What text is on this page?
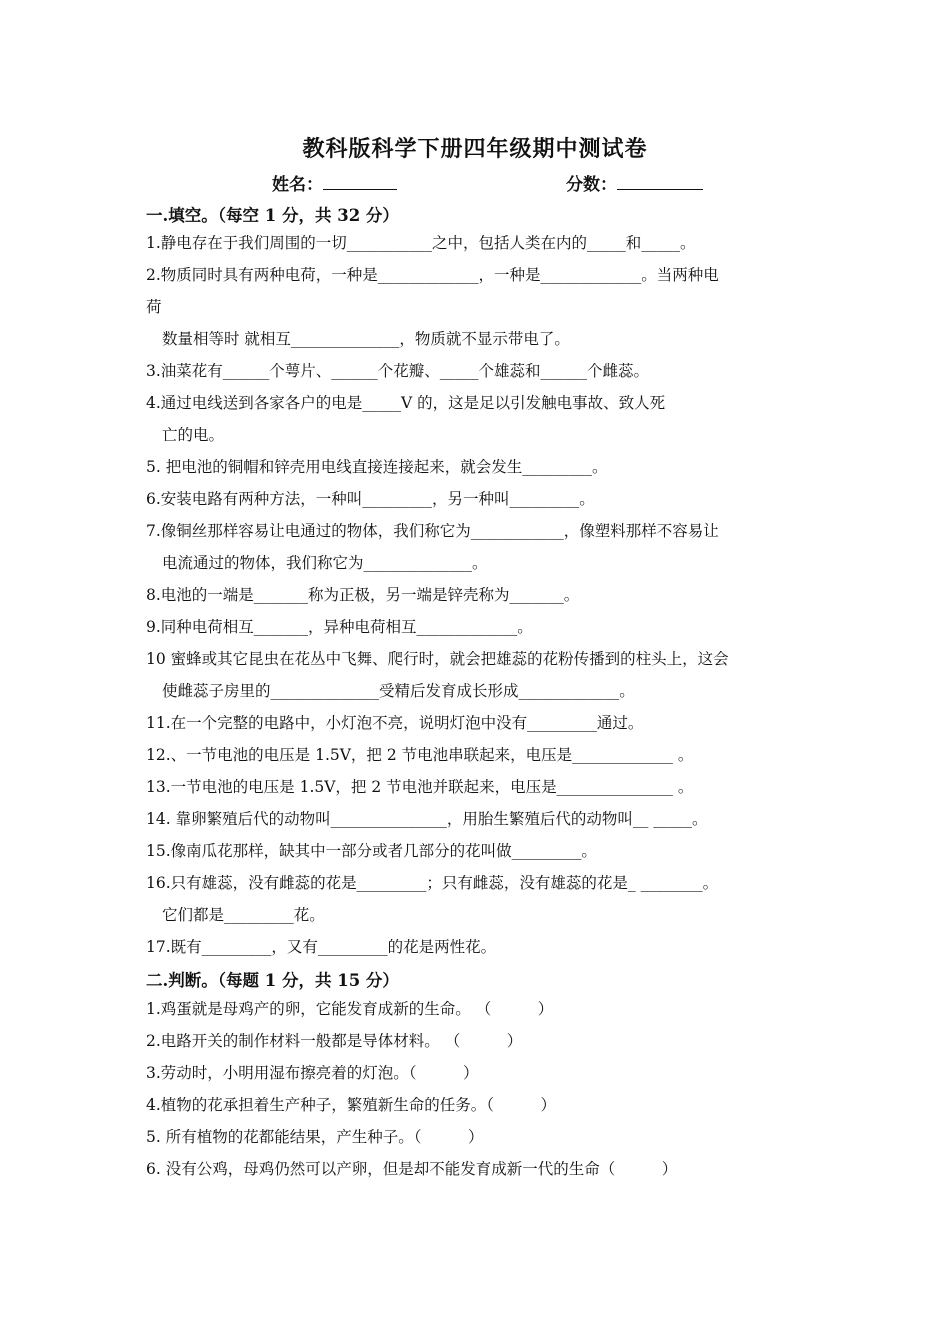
教科版科学下册四年级期中测试卷
姓名：	分数：
一.填空。（每空 1 分，共 32 分）
1.静电存在于我们周围的一切___________之中，包括人类在内的_____和_____。
2.物质同时具有两种电荷，一种是_____________，一种是_____________。当两种电
荷
数量相等时 就相互______________，物质就不显示带电了。
3.油菜花有______个萼片、______个花瓣、_____个雄蕊和______个雌蕊。
4.通过电线送到各家各户的电是_____V 的，这是足以引发触电事故、致人死
亡的电。
5. 把电池的铜帽和锌壳用电线直接连接起来，就会发生_________。
6.安装电路有两种方法，一种叫_________，另一种叫_________。
7.像铜丝那样容易让电通过的物体，我们称它为____________，像塑料那样不容易让
电流通过的物体，我们称它为______________。
8.电池的一端是_______称为正极，另一端是锌壳称为_______。
9.同种电荷相互_______，异种电荷相互_____________。
10 蜜蜂或其它昆虫在花丛中飞舞、爬行时，就会把雄蕊的花粉传播到的柱头上，这会
使雌蕊子房里的______________受精后发育成长形成_____________。
11.在一个完整的电路中，小灯泡不亮，说明灯泡中没有_________通过。
12.、一节电池的电压是 1.5V，把 2 节电池串联起来，电压是_____________ 。
13.一节电池的电压是 1.5V，把 2 节电池并联起来，电压是_______________ 。
14. 靠卵繁殖后代的动物叫_______________，用胎生繁殖后代的动物叫__ _____。
15.像南瓜花那样，缺其中一部分或者几部分的花叫做_________。
16.只有雄蕊，没有雌蕊的花是_________；只有雌蕊，没有雄蕊的花是_ ________。
它们都是_________花。
17.既有_________，又有_________的花是两性花。
二.判断。（每题 1 分，共 15 分）
1.鸡蛋就是母鸡产的卵，它能发育成新的生命。 （　　　）
2.电路开关的制作材料一般都是导体材料。 （　　　）
3.劳动时，小明用湿布擦亮着的灯泡。（　　　）
4.植物的花承担着生产种子，繁殖新生命的任务。（　　　）
5. 所有植物的花都能结果，产生种子。（　　　）
6. 没有公鸡，母鸡仍然可以产卵，但是却不能发育成新一代的生命（　　　）
